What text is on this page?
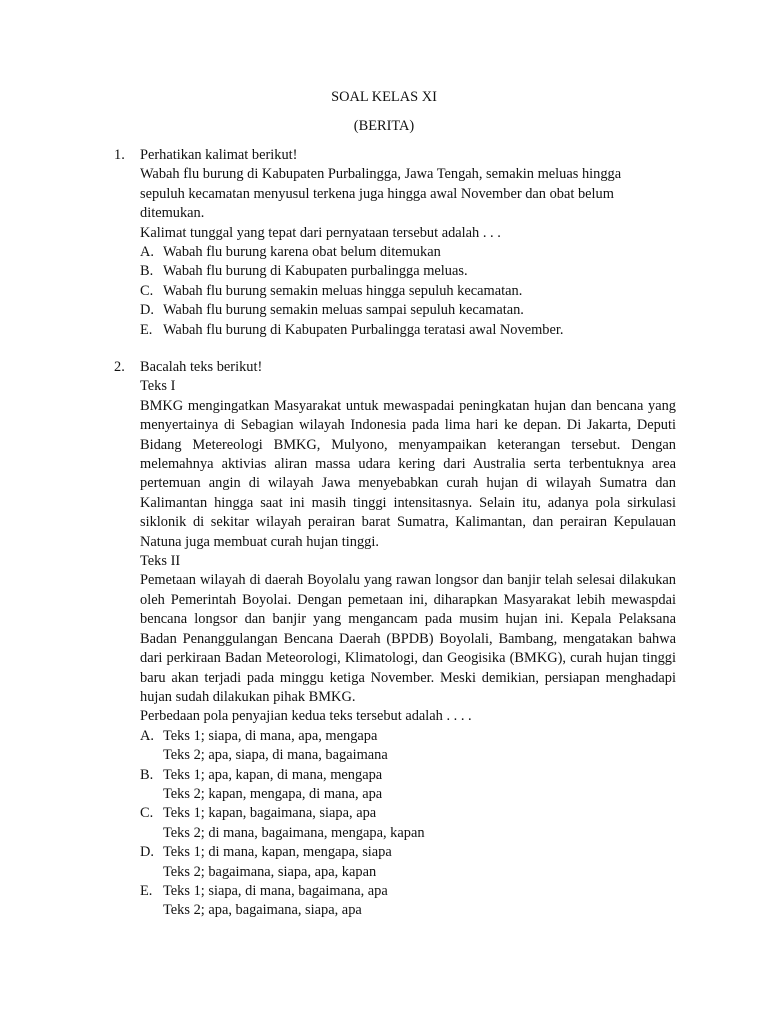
SOAL KELAS XI
(BERITA)
1. Perhatikan kalimat berikut!
Wabah flu burung di Kabupaten Purbalingga, Jawa Tengah, semakin meluas hingga sepuluh kecamatan menyusul terkena juga hingga awal November dan obat belum ditemukan.
Kalimat tunggal yang tepat dari pernyataan tersebut adalah . . .
A. Wabah flu burung karena obat belum ditemukan
B. Wabah flu burung di Kabupaten purbalingga meluas.
C. Wabah flu burung semakin meluas hingga sepuluh kecamatan.
D. Wabah flu burung semakin meluas sampai sepuluh kecamatan.
E. Wabah flu burung di Kabupaten Purbalingga teratasi awal November.
2. Bacalah teks berikut!
Teks I
BMKG mengingatkan Masyarakat untuk mewaspadai peningkatan hujan dan bencana yang menyertainya di Sebagian wilayah Indonesia pada lima hari ke depan. Di Jakarta, Deputi Bidang Metereologi BMKG, Mulyono, menyampaikan keterangan tersebut. Dengan melemahnya aktivias aliran massa udara kering dari Australia serta terbentuknya area pertemuan angin di wilayah Jawa menyebabkan curah hujan di wilayah Sumatra dan Kalimantan hingga saat ini masih tinggi intensitasnya. Selain itu, adanya pola sirkulasi siklonik di sekitar wilayah perairan barat Sumatra, Kalimantan, dan perairan Kepulauan Natuna juga membuat curah hujan tinggi.
Teks II
Pemetaan wilayah di daerah Boyolalu yang rawan longsor dan banjir telah selesai dilakukan oleh Pemerintah Boyolai. Dengan pemetaan ini, diharapkan Masyarakat lebih mewaspdai bencana longsor dan banjir yang mengancam pada musim hujan ini. Kepala Pelaksana Badan Penanggulangan Bencana Daerah (BPDB) Boyolali, Bambang, mengatakan bahwa dari perkiraan Badan Meteorologi, Klimatologi, dan Geogisika (BMKG), curah hujan tinggi baru akan terjadi pada minggu ketiga November. Meski demikian, persiapan menghadapi hujan sudah dilakukan pihak BMKG.
Perbedaan pola penyajian kedua teks tersebut adalah . . . .
A. Teks 1; siapa, di mana, apa, mengapa
Teks 2; apa, siapa, di mana, bagaimana
B. Teks 1; apa, kapan, di mana, mengapa
Teks 2; kapan, mengapa, di mana, apa
C. Teks 1; kapan, bagaimana, siapa, apa
Teks 2; di mana, bagaimana, mengapa, kapan
D. Teks 1; di mana, kapan, mengapa, siapa
Teks 2; bagaimana, siapa, apa, kapan
E. Teks 1; siapa, di mana, bagaimana, apa
Teks 2; apa, bagaimana, siapa, apa
